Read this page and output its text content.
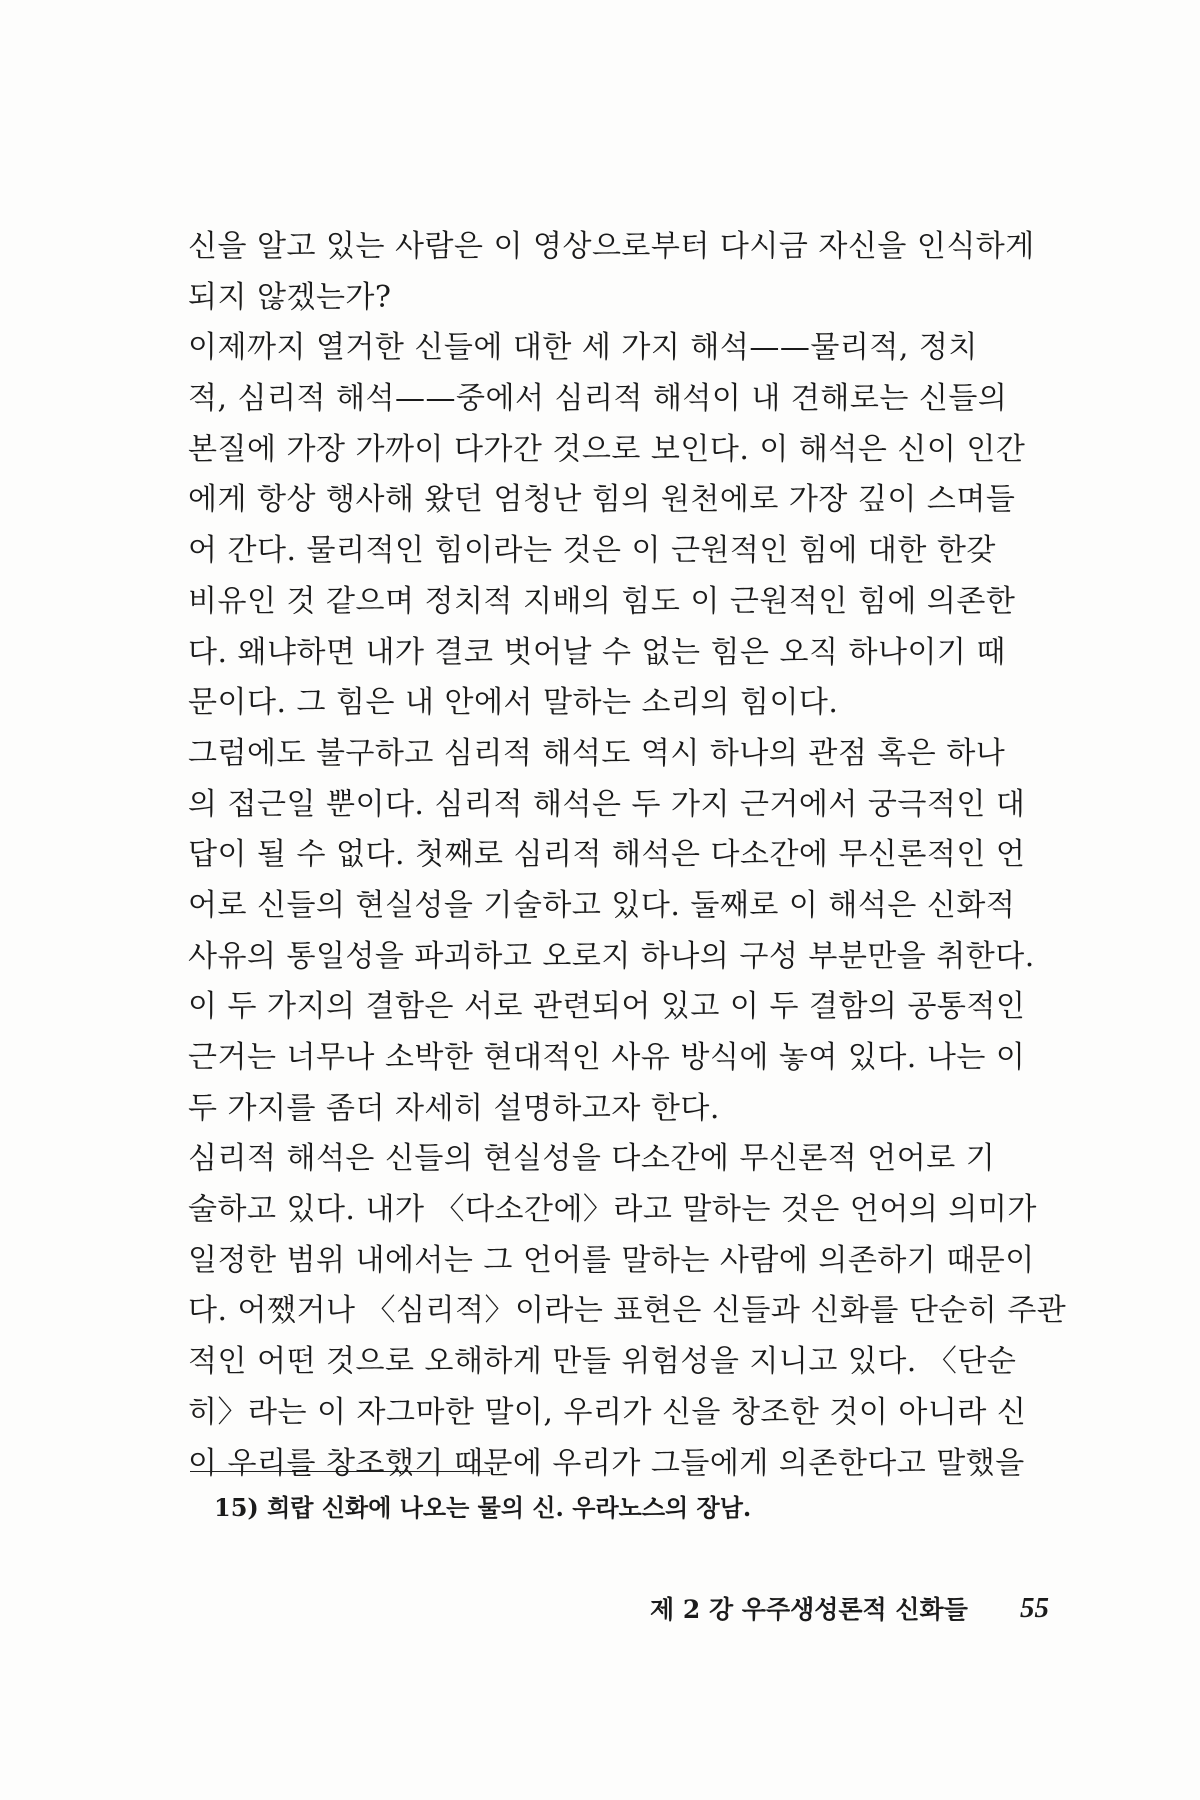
신을 알고 있는 사람은 이 영상으로부터 다시금 자신을 인식하게
되지 않겠는가?
이제까지 열거한 신들에 대한 세 가지 해석——물리적, 정치
적, 심리적 해석——중에서 심리적 해석이 내 견해로는 신들의
본질에 가장 가까이 다가간 것으로 보인다. 이 해석은 신이 인간
에게 항상 행사해 왔던 엄청난 힘의 원천에로 가장 깊이 스며들
어 간다. 물리적인 힘이라는 것은 이 근원적인 힘에 대한 한갖
비유인 것 같으며 정치적 지배의 힘도 이 근원적인 힘에 의존한
다. 왜냐하면 내가 결코 벗어날 수 없는 힘은 오직 하나이기 때
문이다. 그 힘은 내 안에서 말하는 소리의 힘이다.
그럼에도 불구하고 심리적 해석도 역시 하나의 관점 혹은 하나
의 접근일 뿐이다. 심리적 해석은 두 가지 근거에서 궁극적인 대
답이 될 수 없다. 첫째로 심리적 해석은 다소간에 무신론적인 언
어로 신들의 현실성을 기술하고 있다. 둘째로 이 해석은 신화적
사유의 통일성을 파괴하고 오로지 하나의 구성 부분만을 취한다.
이 두 가지의 결함은 서로 관련되어 있고 이 두 결함의 공통적인
근거는 너무나 소박한 현대적인 사유 방식에 놓여 있다. 나는 이
두 가지를 좀더 자세히 설명하고자 한다.
심리적 해석은 신들의 현실성을 다소간에 무신론적 언어로 기
술하고 있다. 내가 〈다소간에〉라고 말하는 것은 언어의 의미가
일정한 범위 내에서는 그 언어를 말하는 사람에 의존하기 때문이
다. 어쨌거나 〈심리적〉이라는 표현은 신들과 신화를 단순히 주관
적인 어떤 것으로 오해하게 만들 위험성을 지니고 있다. 〈단순
히〉라는 이 자그마한 말이, 우리가 신을 창조한 것이 아니라 신
이 우리를 창조했기 때문에 우리가 그들에게 의존한다고 말했을
15) 희랍 신화에 나오는 물의 신. 우라노스의 장남.
제 2 강 우주생성론적 신화들 55
